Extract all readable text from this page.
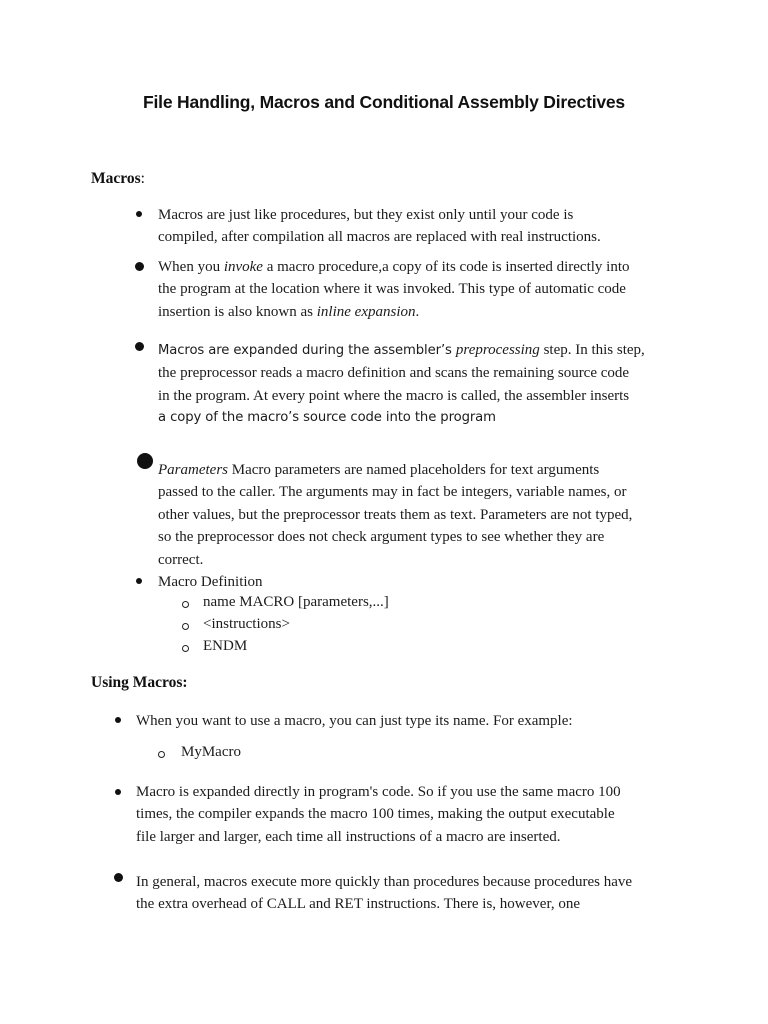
File Handling, Macros and Conditional Assembly Directives
Macros:
Macros are just like procedures, but they exist only until your code is
compiled, after compilation all macros are replaced with real instructions.
When you invoke a macro procedure,a copy of its code is inserted directly into
the program at the location where it was invoked. This type of automatic code
insertion is also known as inline expansion.
Macros are expanded during the assembler’s preprocessing step. In this step,
the preprocessor reads a macro definition and scans the remaining source code
in the program. At every point where the macro is called, the assembler inserts
a copy of the macro’s source code into the program
Parameters Macro parameters are named placeholders for text arguments
passed to the caller. The arguments may in fact be integers, variable names, or
other values, but the preprocessor treats them as text. Parameters are not typed,
so the preprocessor does not check argument types to see whether they are
correct.
Macro Definition
name MACRO [parameters,...]
<instructions>
ENDM
Using Macros:
When you want to use a macro, you can just type its name. For example:
MyMacro
Macro is expanded directly in program's code. So if you use the same macro 100
times, the compiler expands the macro 100 times, making the output executable
file larger and larger, each time all instructions of a macro are inserted.
In general, macros execute more quickly than procedures because procedures have
the extra overhead of CALL and RET instructions. There is, however, one
